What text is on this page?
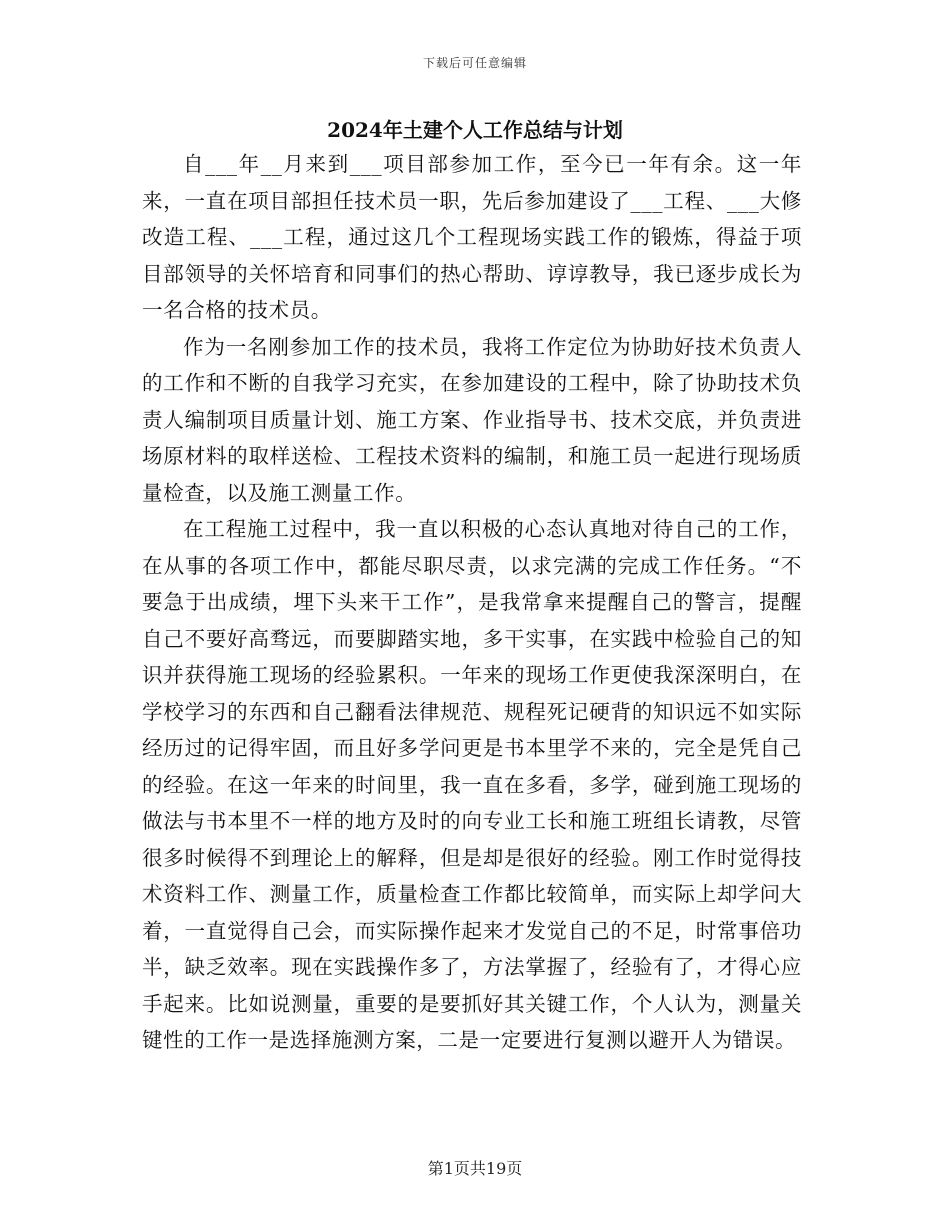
下载后可任意编辑
2024年土建个人工作总结与计划

自___年__月来到___项目部参加工作，至今已一年有余。这一年来，一直在项目部担任技术员一职，先后参加建设了___工程、___大修改造工程、___工程，通过这几个工程现场实践工作的锻炼，得益于项目部领导的关怀培育和同事们的热心帮助、谆谆教导，我已逐步成长为一名合格的技术员。

作为一名刚参加工作的技术员，我将工作定位为协助好技术负责人的工作和不断的自我学习充实，在参加建设的工程中，除了协助技术负责人编制项目质量计划、施工方案、作业指导书、技术交底，并负责进场原材料的取样送检、工程技术资料的编制，和施工员一起进行现场质量检查，以及施工测量工作。

在工程施工过程中，我一直以积极的心态认真地对待自己的工作，在从事的各项工作中，都能尽职尽责，以求完满的完成工作任务。“不要急于出成绩，埋下头来干工作”，是我常拿来提醒自己的警言，提醒自己不要好高骛远，而要脚踏实地，多干实事，在实践中检验自己的知识并获得施工现场的经验累积。一年来的现场工作更使我深深明白，在学校学习的东西和自己翻看法律规范、规程死记硬背的知识远不如实际经历过的记得牢固，而且好多学问更是书本里学不来的，完全是凭自己的经验。在这一年来的时间里，我一直在多看，多学，碰到施工现场的做法与书本里不一样的地方及时的向专业工长和施工班组长请教，尽管很多时候得不到理论上的解释，但是却是很好的经验。刚工作时觉得技术资料工作、测量工作，质量检查工作都比较简单，而实际上却学问大着，一直觉得自己会，而实际操作起来才发觉自己的不足，时常事倍功半，缺乏效率。现在实践操作多了，方法掌握了，经验有了，才得心应手起来。比如说测量，重要的是要抓好其关键工作，个人认为，测量关键性的工作一是选择施测方案，二是一定要进行复测以避开人为错误。

第1页共19页
